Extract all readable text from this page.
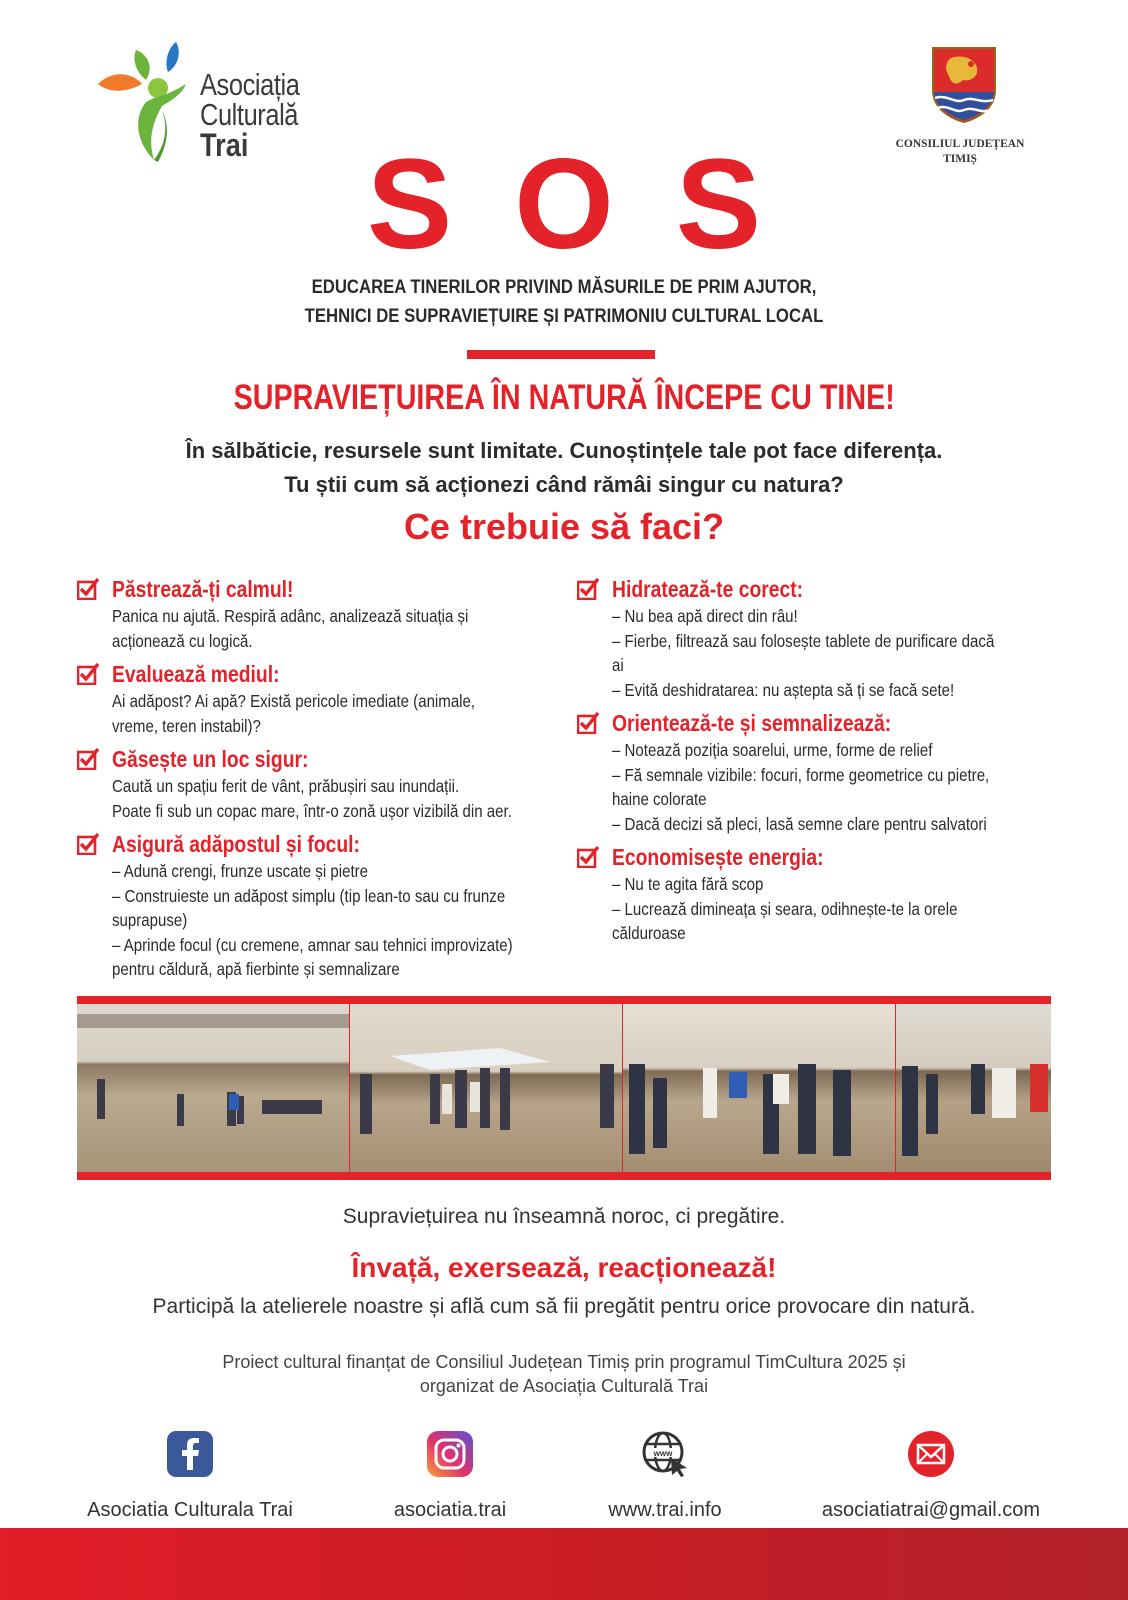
Asociația
Culturală
Trai	CONSILIUL JUDEȚEAN
TIMIȘ
SOS
EDUCAREA TINERILOR PRIVIND MĂSURILE DE PRIM AJUTOR,
TEHNICI DE SUPRAVIEȚUIRE ȘI PATRIMONIU CULTURAL LOCAL
SUPRAVIEȚUIREA ÎN NATURĂ ÎNCEPE CU TINE!
În sălbăticie, resursele sunt limitate. Cunoștințele tale pot face diferența.
Tu știi cum să acționezi când rămâi singur cu natura?
Ce trebuie să faci?
Păstrează-ți calmul!

Panica nu ajută. Respiră adânc, analizează situația și

acționează cu logică.

Evaluează mediul:

Ai adăpost? Ai apă? Există pericole imediate (animale,

vreme, teren instabil)?

Găsește un loc sigur:

Caută un spațiu ferit de vânt, prăbușiri sau inundații.

Poate fi sub un copac mare, într-o zonă ușor vizibilă din aer.

Asigură adăpostul și focul:

– Adună crengi, frunze uscate și pietre

– Construieste un adăpost simplu (tip lean-to sau cu frunze

suprapuse)

– Aprinde focul (cu cremene, amnar sau tehnici improvizate)

pentru căldură, apă fierbinte și semnalizare

Hidratează-te corect:

– Nu bea apă direct din râu!

– Fierbe, filtrează sau folosește tablete de purificare dacă

ai

– Evită deshidratarea: nu aștepta să ți se facă sete!

Orientează-te și semnalizează:

– Notează poziția soarelui, urme, forme de relief

– Fă semnale vizibile: focuri, forme geometrice cu pietre,

haine colorate

– Dacă decizi să pleci, lasă semne clare pentru salvatori

Economisește energia:

– Nu te agita fără scop

– Lucrează dimineața și seara, odihnește-te la orele

călduroase

Supraviețuirea nu înseamnă noroc, ci pregătire.
Învață, exersează, reacționează!
Participă la atelierele noastre și află cum să fii pregătit pentru orice provocare din natură.
Proiect cultural finanțat de Consiliul Județean Timiș prin programul TimCultura 2025 și
organizat de Asociația Culturală Trai
Asociatia Culturala Trai	asociatia.trai
www
www.trai.info	asociatiatrai@gmail.com
